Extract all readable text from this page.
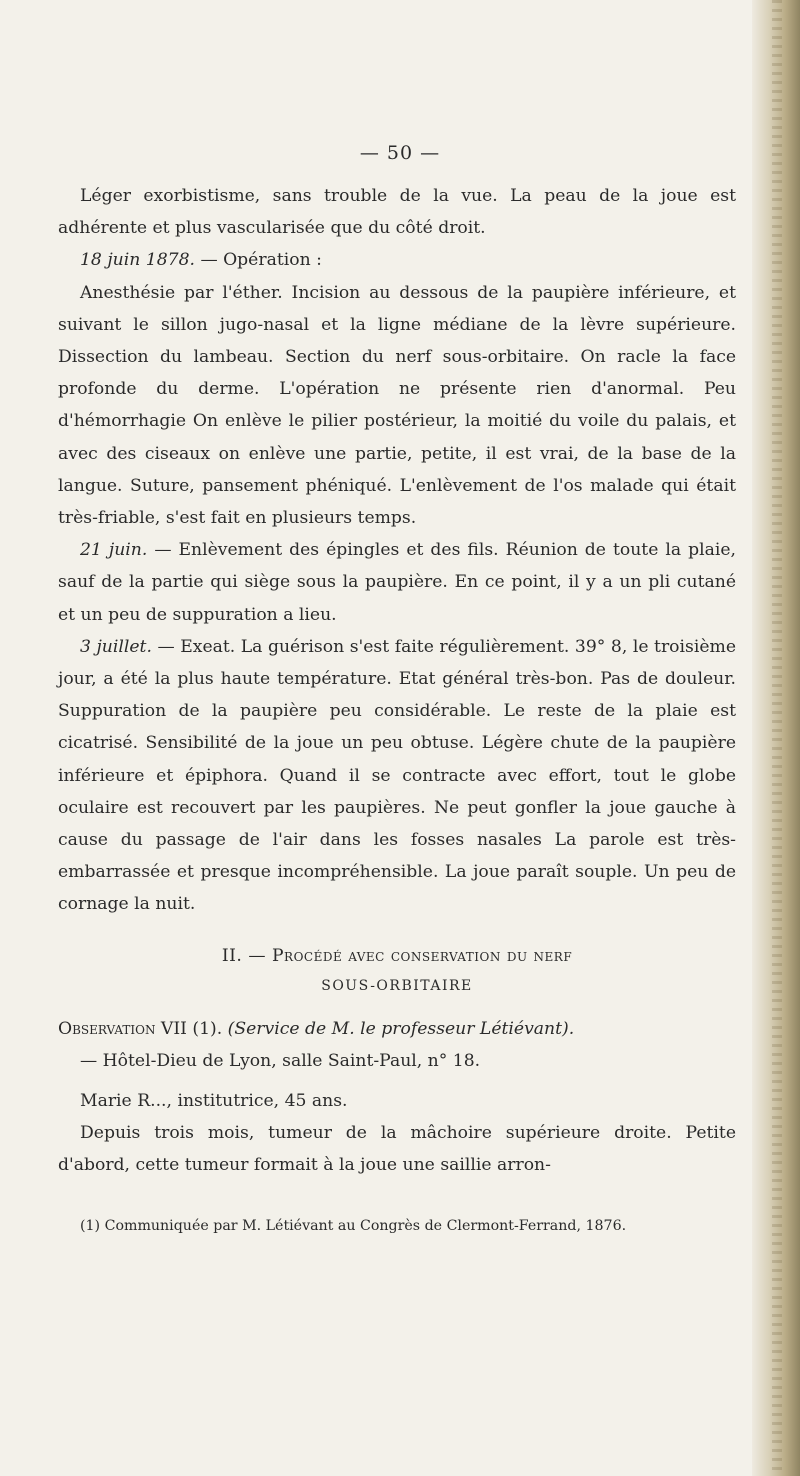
— 50 —

Léger exorbistisme, sans trouble de la vue. La peau de la joue est adhérente et plus vascularisée que du côté droit.

18 juin 1878. — Opération :

Anesthésie par l'éther. Incision au dessous de la paupière inférieure, et suivant le sillon jugo-nasal et la ligne médiane de la lèvre supérieure. Dissection du lambeau. Section du nerf sous-orbitaire. On racle la face profonde du derme. L'opération ne présente rien d'anormal. Peu d'hémorrhagie On enlève le pilier postérieur, la moitié du voile du palais, et avec des ciseaux on enlève une partie, petite, il est vrai, de la base de la langue. Suture, pansement phéniqué. L'enlèvement de l'os malade qui était très-friable, s'est fait en plusieurs temps.

21 juin. — Enlèvement des épingles et des fils. Réunion de toute la plaie, sauf de la partie qui siège sous la paupière. En ce point, il y a un pli cutané et un peu de suppuration a lieu.

3 juillet. — Exeat. La guérison s'est faite régulièrement. 39° 8, le troisième jour, a été la plus haute température. Etat général très-bon. Pas de douleur. Suppuration de la paupière peu considérable. Le reste de la plaie est cicatrisé. Sensibilité de la joue un peu obtuse. Légère chute de la paupière inférieure et épiphora. Quand il se contracte avec effort, tout le globe oculaire est recouvert par les paupières. Ne peut gonfler la joue gauche à cause du passage de l'air dans les fosses nasales La parole est très-embarrassée et presque incompréhensible. La joue paraît souple. Un peu de cornage la nuit.

II. — Procédé avec conservation du nerf
SOUS-ORBITAIRE

Observation VII (1). (Service de M. le professeur Létiévant).

— Hôtel-Dieu de Lyon, salle Saint-Paul, n° 18.

Marie R..., institutrice, 45 ans.

Depuis trois mois, tumeur de la mâchoire supérieure droite. Petite d'abord, cette tumeur formait à la joue une saillie arron-

(1) Communiquée par M. Létiévant au Congrès de Clermont-Ferrand, 1876.
